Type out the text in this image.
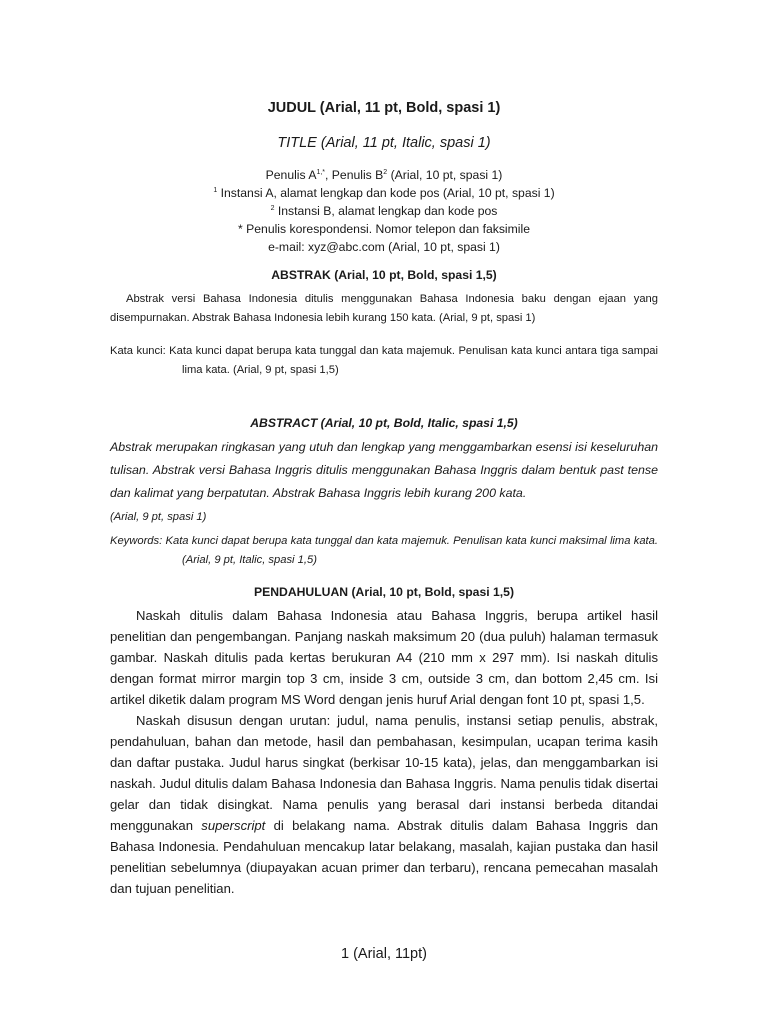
JUDUL (Arial, 11 pt, Bold, spasi 1)
TITLE (Arial, 11 pt, Italic, spasi 1)
Penulis $A^{1,*}$, Penulis $B^2$ (Arial, 10 pt, spasi 1)
$^1$ Instansi A, alamat lengkap dan kode pos (Arial, 10 pt, spasi 1)
$^2$ Instansi B, alamat lengkap dan kode pos
* Penulis korespondensi. Nomor telepon dan faksimile
e-mail: xyz@abc.com (Arial, 10 pt, spasi 1)
ABSTRAK (Arial, 10 pt, Bold, spasi 1,5)
Abstrak versi Bahasa Indonesia ditulis menggunakan Bahasa Indonesia baku dengan ejaan yang disempurnakan. Abstrak Bahasa Indonesia lebih kurang 150 kata. (Arial, 9 pt, spasi 1)
Kata kunci: Kata kunci dapat berupa kata tunggal dan kata majemuk. Penulisan kata kunci antara tiga sampai lima kata. (Arial, 9 pt, spasi 1,5)
ABSTRACT (Arial, 10 pt, Bold, Italic, spasi 1,5)
Abstrak merupakan ringkasan yang utuh dan lengkap yang menggambarkan esensi isi keseluruhan tulisan. Abstrak versi Bahasa Inggris ditulis menggunakan Bahasa Inggris dalam bentuk past tense dan kalimat yang berpatutan. Abstrak Bahasa Inggris lebih kurang 200 kata.
(Arial, 9 pt, spasi 1)
Keywords: Kata kunci dapat berupa kata tunggal dan kata majemuk. Penulisan kata kunci maksimal lima kata. (Arial, 9 pt, Italic, spasi 1,5)
PENDAHULUAN (Arial, 10 pt, Bold, spasi 1,5)
Naskah ditulis dalam Bahasa Indonesia atau Bahasa Inggris, berupa artikel hasil penelitian dan pengembangan. Panjang naskah maksimum 20 (dua puluh) halaman termasuk gambar. Naskah ditulis pada kertas berukuran A4 (210 mm x 297 mm). Isi naskah ditulis dengan format mirror margin top 3 cm, inside 3 cm, outside 3 cm, dan bottom 2,45 cm. Isi artikel diketik dalam program MS Word dengan jenis huruf Arial dengan font 10 pt, spasi 1,5.
Naskah disusun dengan urutan: judul, nama penulis, instansi setiap penulis, abstrak, pendahuluan, bahan dan metode, hasil dan pembahasan, kesimpulan, ucapan terima kasih dan daftar pustaka. Judul harus singkat (berkisar 10-15 kata), jelas, dan menggambarkan isi naskah. Judul ditulis dalam Bahasa Indonesia dan Bahasa Inggris. Nama penulis tidak disertai gelar dan tidak disingkat. Nama penulis yang berasal dari instansi berbeda ditandai menggunakan superscript di belakang nama. Abstrak ditulis dalam Bahasa Inggris dan Bahasa Indonesia. Pendahuluan mencakup latar belakang, masalah, kajian pustaka dan hasil penelitian sebelumnya (diupayakan acuan primer dan terbaru), rencana pemecahan masalah dan tujuan penelitian.
1 (Arial, 11pt)
